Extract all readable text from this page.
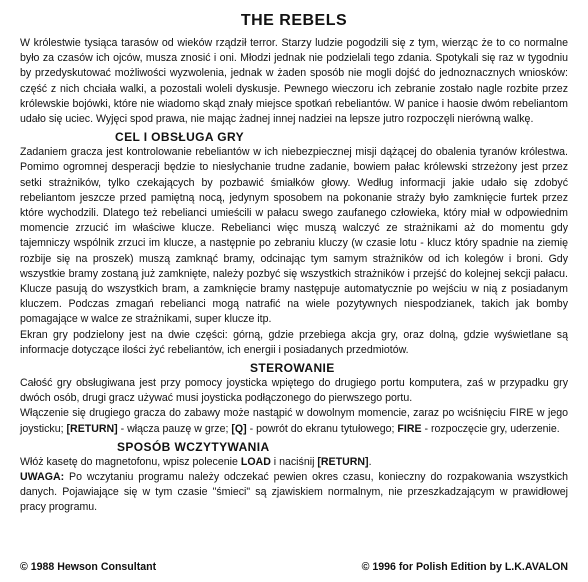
THE REBELS

W królestwie tysiąca tarasów od wieków rządził terror. Starzy ludzie pogodzili się z tym, wierząc że to co normalne było za czasów ich ojców, musza znosić i oni. Młodzi jednak nie podzielali tego zdania. Spotykali się raz w tygodniu by przedyskutować możliwości wyzwolenia, jednak w żaden sposób nie mogli dojść do jednoznacznych wniosków: część z nich chciała walki, a pozostali woleli dyskusje. Pewnego wieczoru ich zebranie zostało nagle rozbite przez królewskie bojówki, które nie wiadomo skąd znały miejsce spotkań rebeliantów. W panice i haosie dwóm rebeliantom udało się uciec. Wyjęci spod prawa, nie mając żadnej innej nadziei na lepsze jutro rozpoczęli nierówną walkę.

CEL I OBSŁUGA GRY

Zadaniem gracza jest kontrolowanie rebeliantów w ich niebezpiecznej misji dążącej do obalenia tyranów królestwa. Pomimo ogromnej desperacji będzie to niesłychanie trudne zadanie, bowiem pałac królewski strzeżony jest przez setki strażników, tylko czekających by pozbawić śmiałków głowy. Według informacji jakie udało się zdobyć rebeliantom jeszcze przed pamiętną nocą, jedynym sposobem na pokonanie straży było zamknięcie furtek przez które wychodzili. Dlatego też rebelianci umieścili w pałacu swego zaufanego człowieka, który miał w odpowiednim momencie zrzucić im właściwe klucze. Rebelianci więc muszą walczyć ze strażnikami aż do momentu gdy tajemniczy wspólnik zrzuci im klucze, a następnie po zebraniu kluczy (w czasie lotu - klucz który spadnie na ziemię rozbije się na proszek) muszą zamknąć bramy, odcinając tym samym strażników od ich kolegów i broni. Gdy wszystkie bramy zostaną już zamknięte, należy pozbyć się wszystkich strażników i przejść do kolejnej sekcji pałacu. Klucze pasują do wszystkich bram, a zamknięcie bramy następuje automatycznie po wejściu w nią z posiadanym kluczem. Podczas zmagań rebelianci mogą natrafić na wiele pozytywnych niespodzianek, takich jak bomby pomagające w walce ze strażnikami, super klucze itp.

Ekran gry podzielony jest na dwie części: górną, gdzie przebiega akcja gry, oraz dolną, gdzie wyświetlane są informacje dotyczące ilości żyć rebeliantów, ich energii i posiadanych przedmiotów.

STEROWANIE

Całość gry obsługiwana jest przy pomocy joysticka wpiętego do drugiego portu komputera, zaś w przypadku gry dwóch osób, drugi gracz używać musi joysticka podłączonego do pierwszego portu.

Włączenie się drugiego gracza do zabawy może nastąpić w dowolnym momencie, zaraz po wciśnięciu FIRE w jego joysticku; [RETURN] - włącza pauzę w grze; [Q] - powrót do ekranu tytułowego; FIRE - rozpoczęcie gry, uderzenie.

SPOSÓB WCZYTYWANIA

Włóż kasetę do magnetofonu, wpisz polecenie LOAD i naciśnij [RETURN].

UWAGA: Po wczytaniu programu należy odczekać pewien okres czasu, konieczny do rozpakowania wszystkich danych. Pojawiające się w tym czasie "śmieci" są zjawiskiem normalnym, nie przeszkadzającym w prawidłowej pracy programu.

© 1988 Hewson Consultant	© 1996 for Polish Edition by L.K.AVALON
